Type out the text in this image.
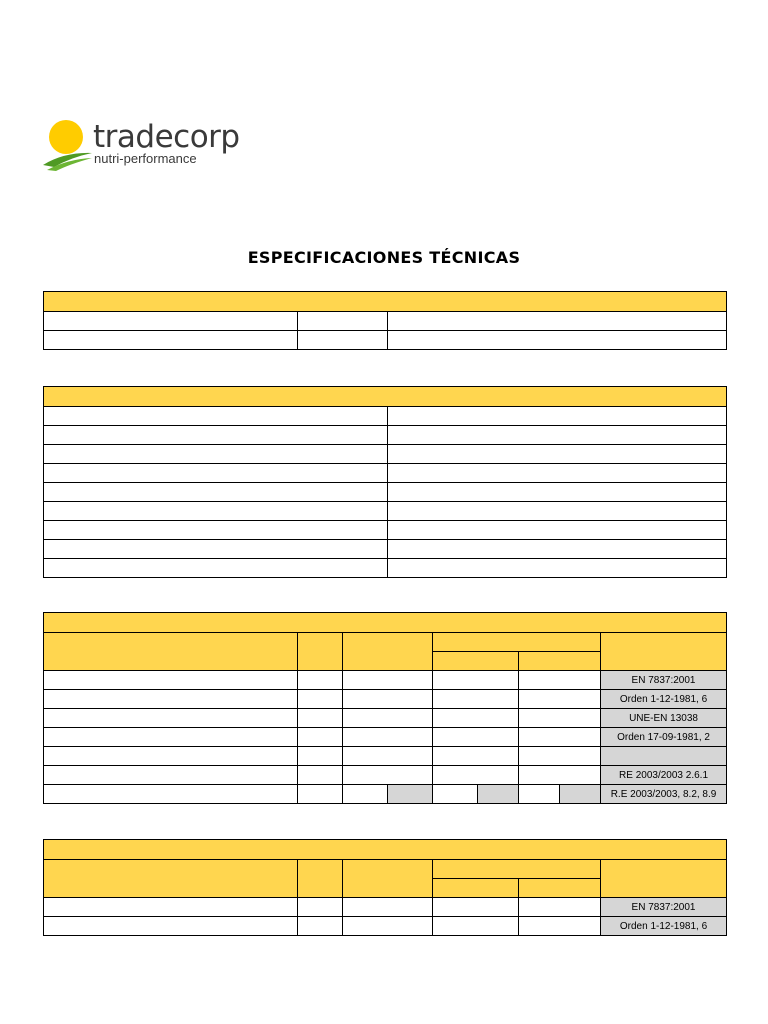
tradecorp
nutri-performance
ESPECIFICACIONES TÉCNICAS

								EN 7837:2001
								Orden 1-12-1981, 6
								UNE-EN 13038
								Orden 17-09-1981, 2

								RE 2003/2003 2.6.1
								R.E 2003/2003, 8.2, 8.9

					EN 7837:2001
					Orden 1-12-1981, 6
